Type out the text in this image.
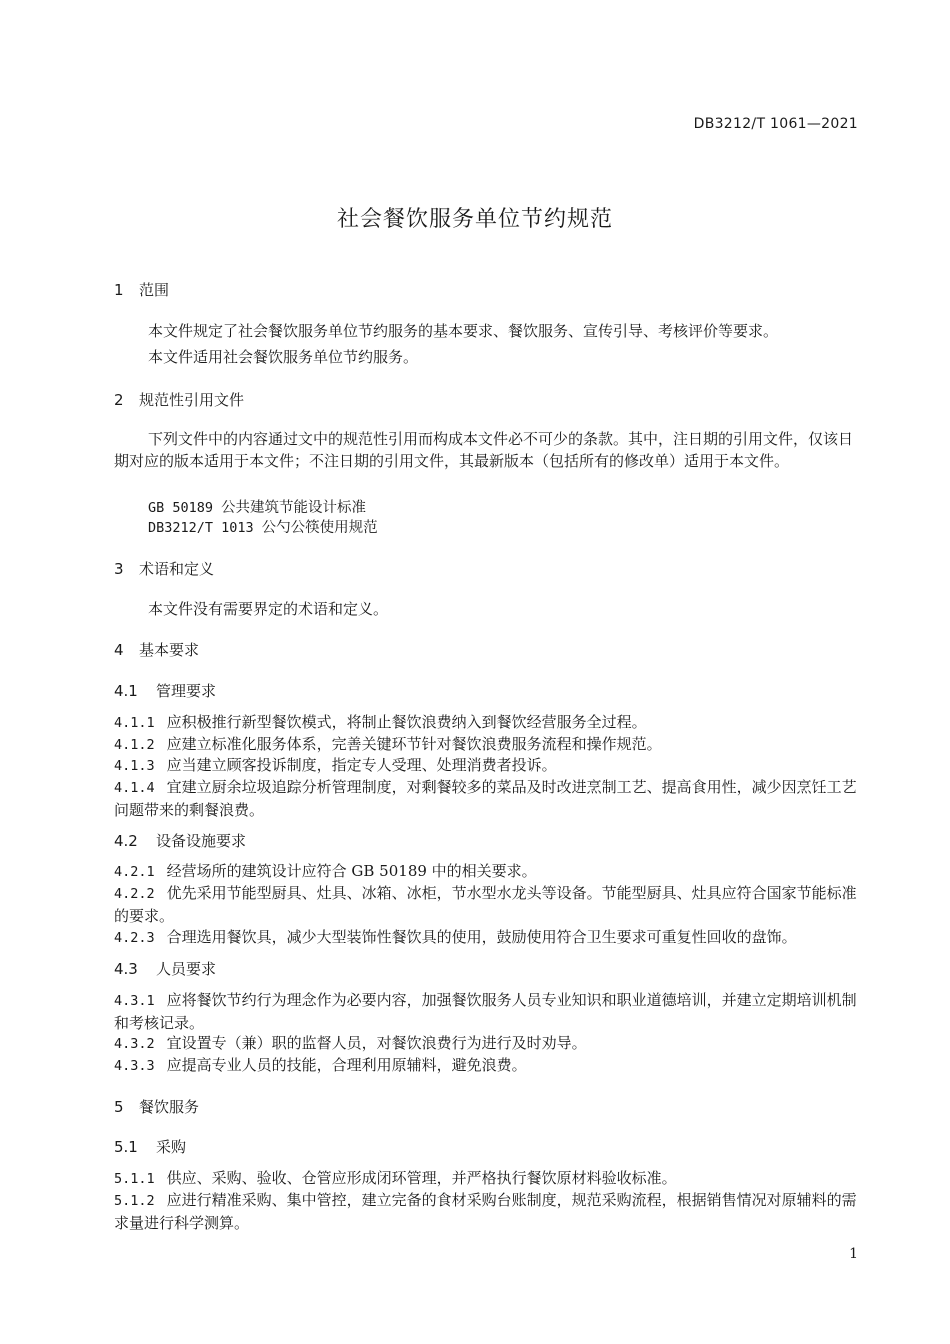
DB3212/T 1061—2021
社会餐饮服务单位节约规范
1 范围
本文件规定了社会餐饮服务单位节约服务的基本要求、餐饮服务、宣传引导、考核评价等要求。
本文件适用社会餐饮服务单位节约服务。
2 规范性引用文件
下列文件中的内容通过文中的规范性引用而构成本文件必不可少的条款。其中，注日期的引用文件，仅该日期对应的版本适用于本文件；不注日期的引用文件，其最新版本（包括所有的修改单）适用于本文件。
GB 50189 公共建筑节能设计标准
DB3212/T 1013 公勺公筷使用规范
3 术语和定义
本文件没有需要界定的术语和定义。
4 基本要求
4.1 管理要求
4.1.1 应积极推行新型餐饮模式，将制止餐饮浪费纳入到餐饮经营服务全过程。
4.1.2 应建立标准化服务体系，完善关键环节针对餐饮浪费服务流程和操作规范。
4.1.3 应当建立顾客投诉制度，指定专人受理、处理消费者投诉。
4.1.4 宜建立厨余垃圾追踪分析管理制度，对剩餐较多的菜品及时改进烹制工艺、提高食用性，减少因烹饪工艺问题带来的剩餐浪费。
4.2 设备设施要求
4.2.1 经营场所的建筑设计应符合 GB 50189 中的相关要求。
4.2.2 优先采用节能型厨具、灶具、冰箱、冰柜，节水型水龙头等设备。节能型厨具、灶具应符合国家节能标准的要求。
4.2.3 合理选用餐饮具，减少大型装饰性餐饮具的使用，鼓励使用符合卫生要求可重复性回收的盘饰。
4.3 人员要求
4.3.1 应将餐饮节约行为理念作为必要内容，加强餐饮服务人员专业知识和职业道德培训，并建立定期培训机制和考核记录。
4.3.2 宜设置专（兼）职的监督人员，对餐饮浪费行为进行及时劝导。
4.3.3 应提高专业人员的技能，合理利用原辅料，避免浪费。
5 餐饮服务
5.1 采购
5.1.1 供应、采购、验收、仓管应形成闭环管理，并严格执行餐饮原材料验收标准。
5.1.2 应进行精准采购、集中管控，建立完备的食材采购台账制度，规范采购流程，根据销售情况对原辅料的需求量进行科学测算。
1
